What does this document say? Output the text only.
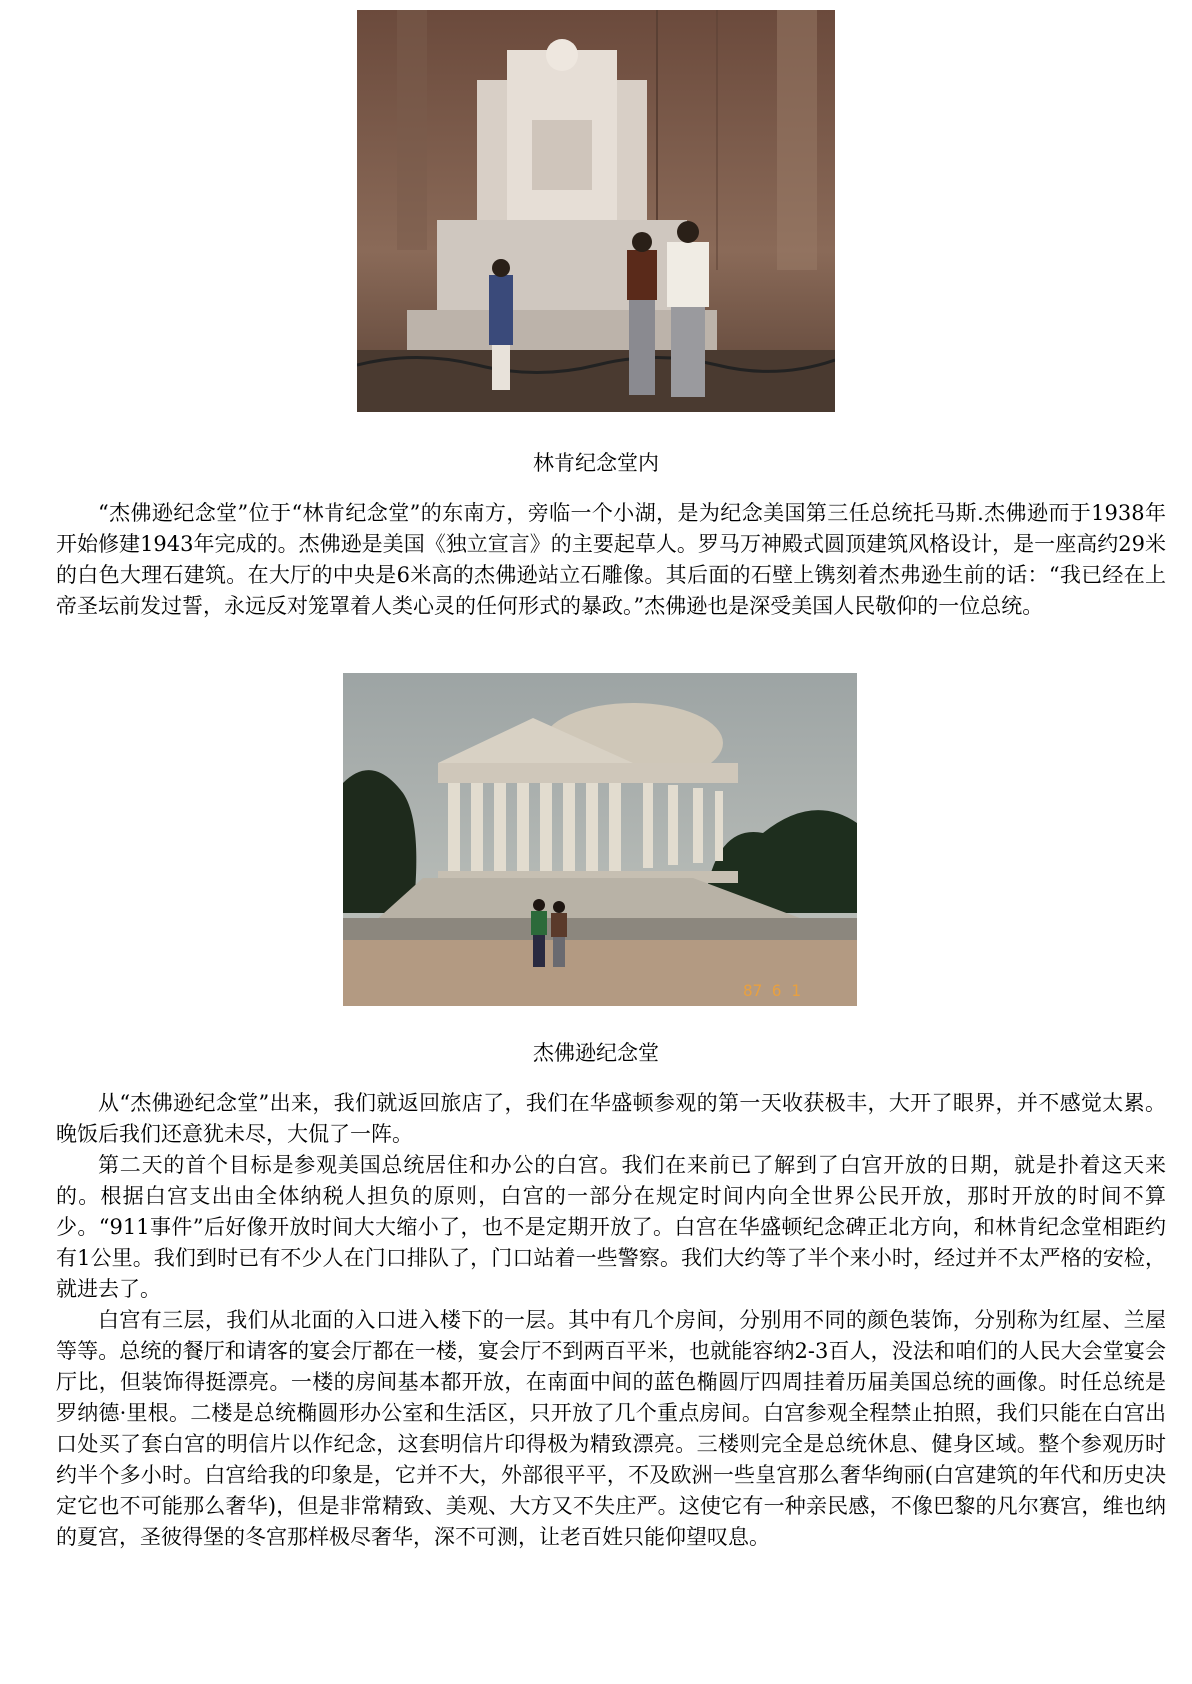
林肯纪念堂内

“杰佛逊纪念堂”位于“林肯纪念堂”的东南方，旁临一个小湖，是为纪念美国第三任总统托马斯.杰佛逊而于1938年开始修建1943年完成的。杰佛逊是美国《独立宣言》的主要起草人。罗马万神殿式圆顶建筑风格设计，是一座高约29米的白色大理石建筑。在大厅的中央是6米高的杰佛逊站立石雕像。其后面的石壁上镌刻着杰弗逊生前的话：“我已经在上帝圣坛前发过誓，永远反对笼罩着人类心灵的任何形式的暴政。”杰佛逊也是深受美国人民敬仰的一位总统。

87 6 1
杰佛逊纪念堂

从“杰佛逊纪念堂”出来，我们就返回旅店了，我们在华盛顿参观的第一天收获极丰，大开了眼界，并不感觉太累。晚饭后我们还意犹未尽，大侃了一阵。

第二天的首个目标是参观美国总统居住和办公的白宫。我们在来前已了解到了白宫开放的日期，就是扑着这天来的。根据白宫支出由全体纳税人担负的原则，白宫的一部分在规定时间内向全世界公民开放，那时开放的时间不算少。“911事件”后好像开放时间大大缩小了，也不是定期开放了。白宫在华盛顿纪念碑正北方向，和林肯纪念堂相距约有1公里。我们到时已有不少人在门口排队了，门口站着一些警察。我们大约等了半个来小时，经过并不太严格的安检，就进去了。

白宫有三层，我们从北面的入口进入楼下的一层。其中有几个房间，分别用不同的颜色装饰，分别称为红屋、兰屋等等。总统的餐厅和请客的宴会厅都在一楼，宴会厅不到两百平米，也就能容纳2-3百人，没法和咱们的人民大会堂宴会厅比，但装饰得挺漂亮。一楼的房间基本都开放，在南面中间的蓝色椭圆厅四周挂着历届美国总统的画像。时任总统是罗纳德·里根。二楼是总统椭圆形办公室和生活区，只开放了几个重点房间。白宫参观全程禁止拍照，我们只能在白宫出口处买了套白宫的明信片以作纪念，这套明信片印得极为精致漂亮。三楼则完全是总统休息、健身区域。整个参观历时约半个多小时。白宫给我的印象是，它并不大，外部很平平，不及欧洲一些皇宫那么奢华绚丽(白宫建筑的年代和历史决定它也不可能那么奢华)，但是非常精致、美观、大方又不失庄严。这使它有一种亲民感，不像巴黎的凡尔赛宫，维也纳的夏宫，圣彼得堡的冬宫那样极尽奢华，深不可测，让老百姓只能仰望叹息。
